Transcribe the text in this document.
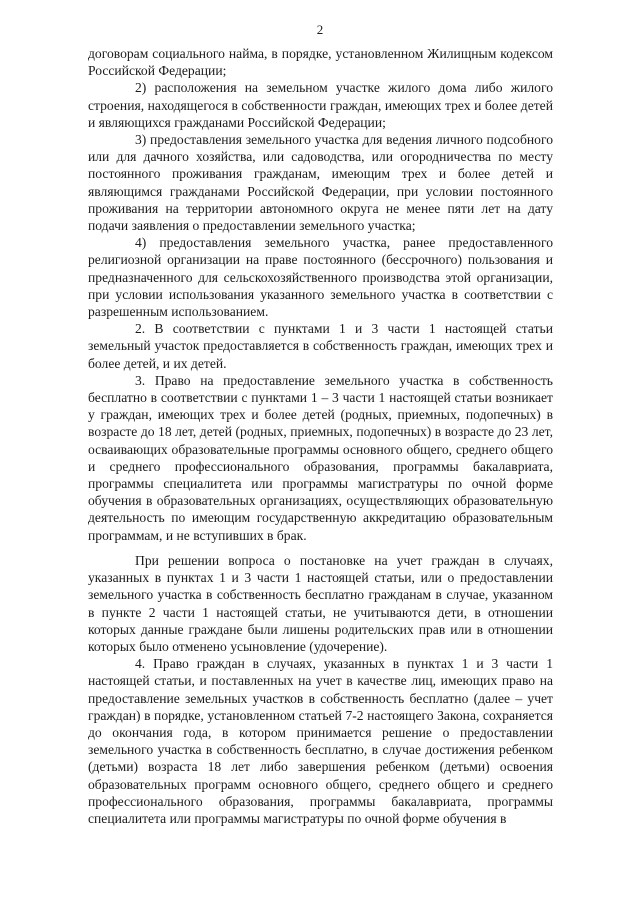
2

договорам социального найма, в порядке, установленном Жилищным кодексом Российской Федерации;

2) расположения на земельном участке жилого дома либо жилого строения, находящегося в собственности граждан, имеющих трех и более детей и являющихся гражданами Российской Федерации;

3) предоставления земельного участка для ведения личного подсобного или для дачного хозяйства, или садоводства, или огородничества по месту постоянного проживания гражданам, имеющим трех и более детей и являющимся гражданами Российской Федерации, при условии постоянного проживания на территории автономного округа не менее пяти лет на дату подачи заявления о предоставлении земельного участка;

4) предоставления земельного участка, ранее предоставленного религиозной организации на праве постоянного (бессрочного) пользования и предназначенного для сельскохозяйственного производства этой организации, при условии использования указанного земельного участка в соответствии с разрешенным использованием.

2. В соответствии с пунктами 1 и 3 части 1 настоящей статьи земельный участок предоставляется в собственность граждан, имеющих трех и более детей, и их детей.

3. Право на предоставление земельного участка в собственность бесплатно в соответствии с пунктами 1 – 3 части 1 настоящей статьи возникает у граждан, имеющих трех и более детей (родных, приемных, подопечных) в возрасте до 18 лет, детей (родных, приемных, подопечных) в возрасте до 23 лет, осваивающих образовательные программы основного общего, среднего общего и среднего профессионального образования, программы бакалавриата, программы специалитета или программы магистратуры по очной форме обучения в образовательных организациях, осуществляющих образовательную деятельность по имеющим государственную аккредитацию образовательным программам, и не вступивших в брак.

При решении вопроса о постановке на учет граждан в случаях, указанных в пунктах 1 и 3 части 1 настоящей статьи, или о предоставлении земельного участка в собственность бесплатно гражданам в случае, указанном в пункте 2 части 1 настоящей статьи, не учитываются дети, в отношении которых данные граждане были лишены родительских прав или в отношении которых было отменено усыновление (удочерение).

4. Право граждан в случаях, указанных в пунктах 1 и 3 части 1 настоящей статьи, и поставленных на учет в качестве лиц, имеющих право на предоставление земельных участков в собственность бесплатно (далее – учет граждан) в порядке, установленном статьей 7-2 настоящего Закона, сохраняется до окончания года, в котором принимается решение о предоставлении земельного участка в собственность бесплатно, в случае достижения ребенком (детьми) возраста 18 лет либо завершения ребенком (детьми) освоения образовательных программ основного общего, среднего общего и среднего профессионального образования, программы бакалавриата, программы специалитета или программы магистратуры по очной форме обучения в
